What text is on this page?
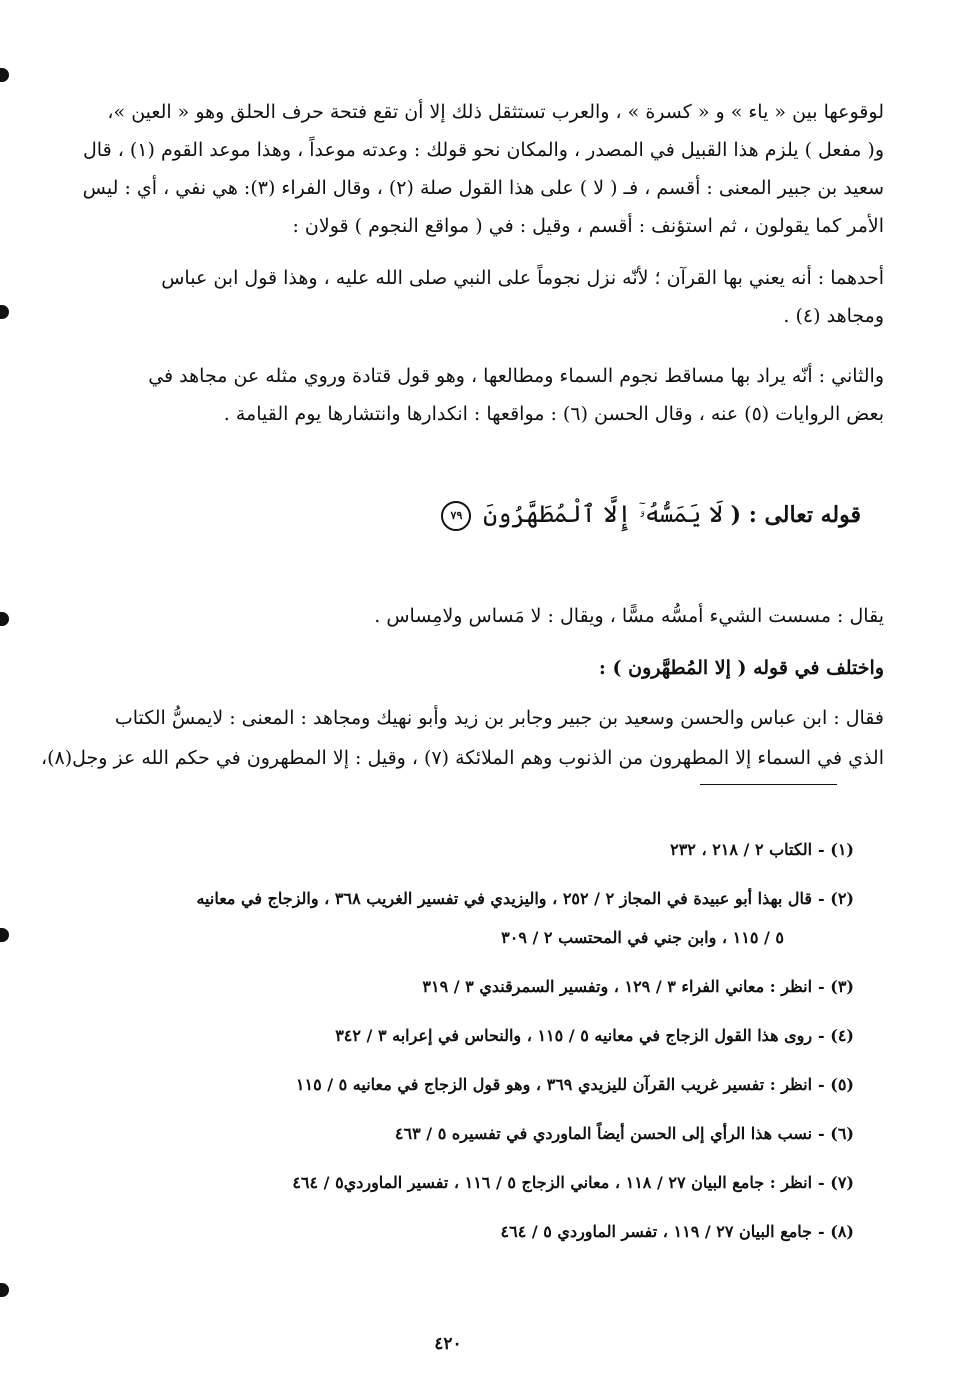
لوقوعها بين « ياء » و « كسرة » ، والعرب تستثقل ذلك إلا أن تقع فتحة حرف الحلق وهو « العين »،
و( مفعل ) يلزم هذا القبيل في المصدر ، والمكان نحو قولك : وعدته موعداً ، وهذا موعد القوم (١) ، قال
سعيد بن جبير المعنى : أقسم ، فـ ( لا ) على هذا القول صلة (٢) ، وقال الفراء (٣): هي نفي ، أي : ليس
الأمر كما يقولون ، ثم استؤنف : أقسم ، وقيل : في ( مواقع النجوم ) قولان :
أحدهما : أنه يعني بها القرآن ؛ لأنّه نزل نجوماً على النبي صلى الله عليه ، وهذا قول ابن عباس
ومجاهد (٤) .
والثاني : أنّه يراد بها مساقط نجوم السماء ومطالعها ، وهو قول قتادة وروي مثله عن مجاهد في
بعض الروايات (٥) عنه ، وقال الحسن (٦) : مواقعها : انكدارها وانتشارها يوم القيامة .
قوله تعالى : ( لَا يَمَسُّهُۥٓ إِلَّا ٱلْمُطَهَّرُونَ ٧٩
يقال : مسست الشيء أمسُّه مسًّا ، ويقال : لا مَساس ولامِساس .
واختلف في قوله ( إلا المُطهَّرون ) :
فقال : ابن عباس والحسن وسعيد بن جبير وجابر بن زيد وأبو نهيك ومجاهد : المعنى : لايمسُّ الكتاب
الذي في السماء إلا المطهرون من الذنوب وهم الملائكة (٧) ، وقيل : إلا المطهرون في حكم الله عز وجل(٨)،
(١) -الكتاب ٢ / ٢١٨ ، ٢٣٢
(٢) -قال بهذا أبو عبيدة في المجاز ٢ / ٢٥٢ ، واليزيدي في تفسير الغريب ٣٦٨ ، والزجاج في معانيه
٥ / ١١٥ ، وابن جني في المحتسب ٢ / ٣٠٩
(٣) -انظر : معاني الفراء ٣ / ١٢٩ ، وتفسير السمرقندي ٣ / ٣١٩
(٤) -روى هذا القول الزجاج في معانيه ٥ / ١١٥ ، والنحاس في إعرابه ٣ / ٣٤٢
(٥) -انظر : تفسير غريب القرآن لليزيدي ٣٦٩ ، وهو قول الزجاج في معانيه ٥ / ١١٥
(٦) -نسب هذا الرأي إلى الحسن أيضاً الماوردي في تفسيره ٥ / ٤٦٣
(٧) -انظر : جامع البيان ٢٧ / ١١٨ ، معاني الزجاج ٥ / ١١٦ ، تفسير الماوردي٥ / ٤٦٤
(٨) -جامع البيان ٢٧ / ١١٩ ، تفسر الماوردي ٥ / ٤٦٤
٤٢٠
